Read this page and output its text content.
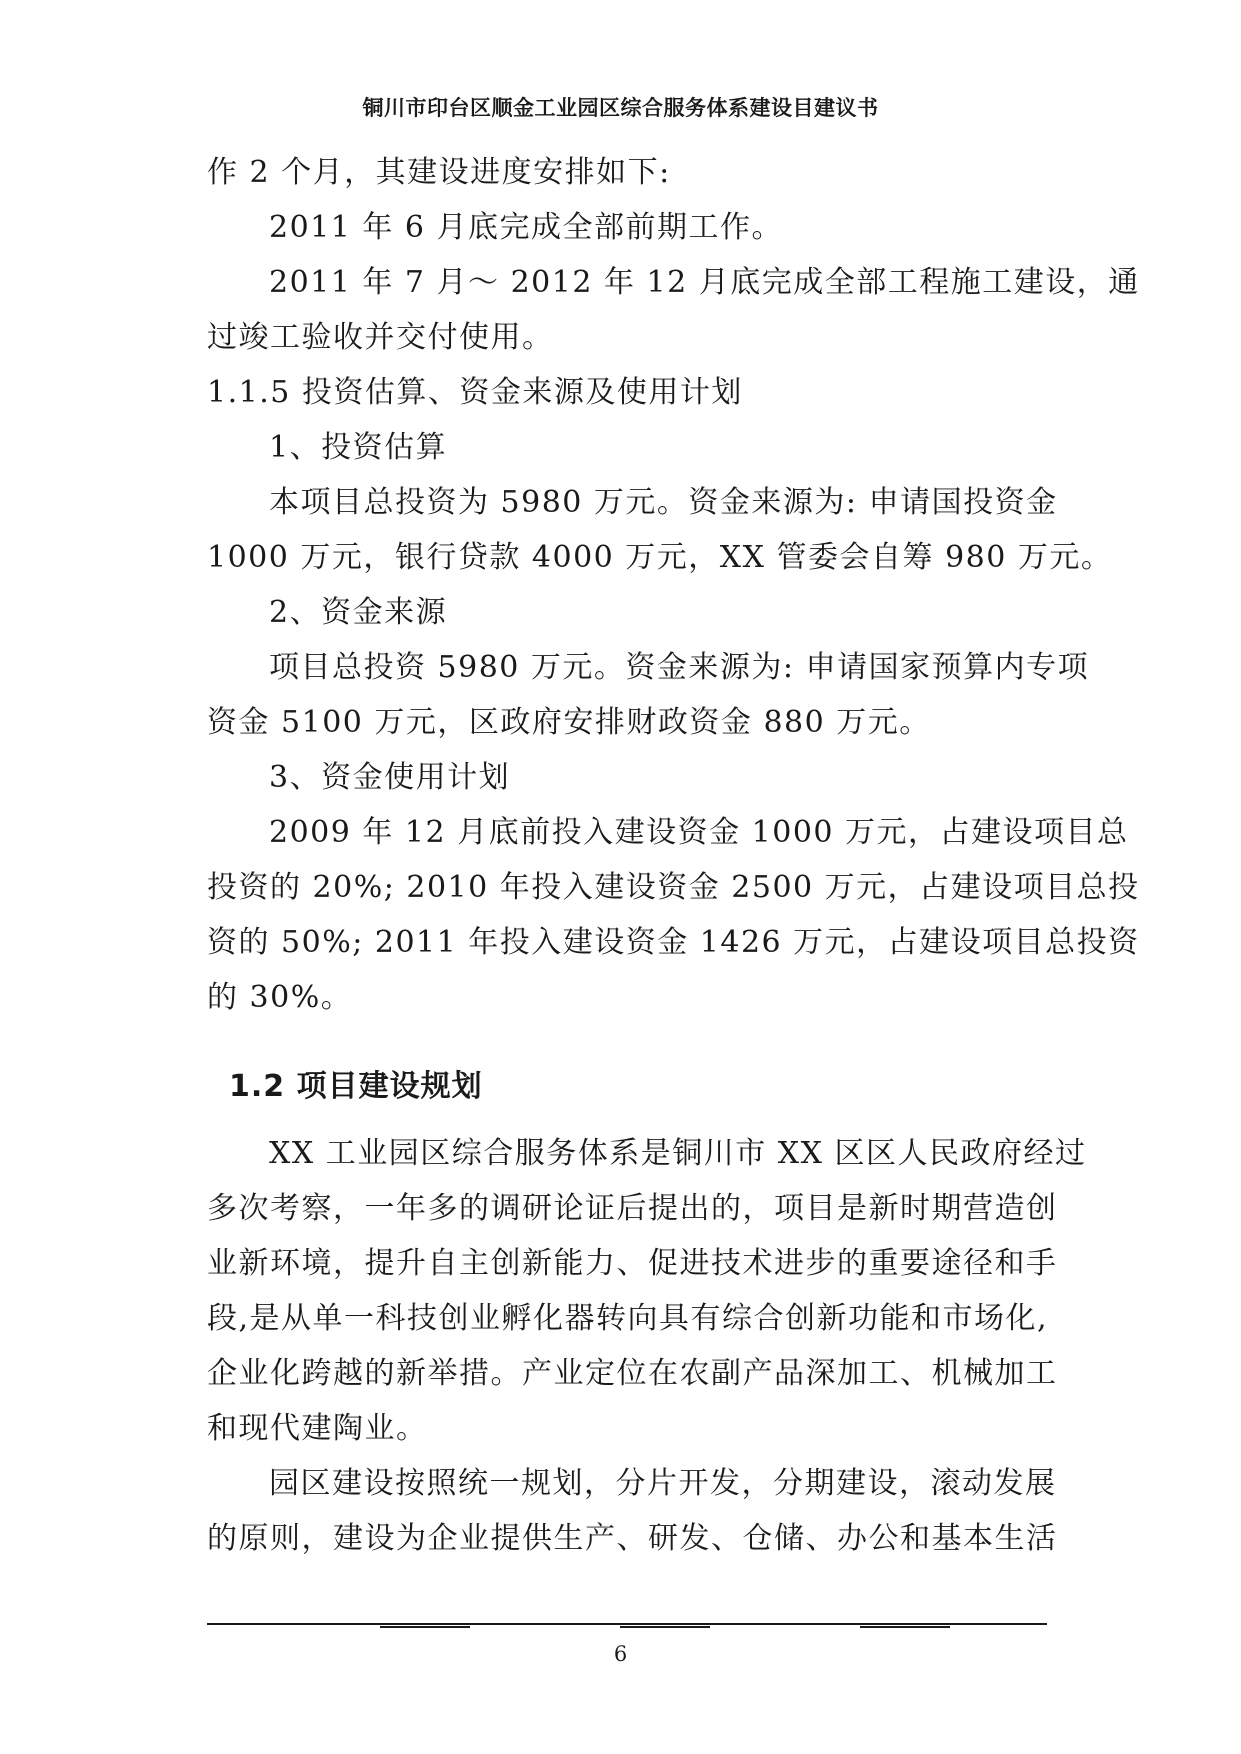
铜川市印台区顺金工业园区综合服务体系建设目建议书
作 2 个月，其建设进度安排如下:
2011 年 6 月底完成全部前期工作。
2011 年 7 月～ 2012 年 12 月底完成全部工程施工建设，通
过竣工验收并交付使用。
1.1.5 投资估算、资金来源及使用计划
1、投资估算
本项目总投资为 5980 万元。资金来源为: 申请国投资金
1000 万元，银行贷款 4000 万元，XX 管委会自筹 980 万元。
2、资金来源
项目总投资 5980 万元。资金来源为: 申请国家预算内专项
资金 5100 万元，区政府安排财政资金 880 万元。
3、资金使用计划
2009 年 12 月底前投入建设资金 1000 万元，占建设项目总
投资的 20%; 2010 年投入建设资金 2500 万元，占建设项目总投
资的 50%; 2011 年投入建设资金 1426 万元，占建设项目总投资
的 30%。
1.2 项目建设规划
XX 工业园区综合服务体系是铜川市 XX 区区人民政府经过
多次考察，一年多的调研论证后提出的，项目是新时期营造创
业新环境，提升自主创新能力、促进技术进步的重要途径和手
段,是从单一科技创业孵化器转向具有综合创新功能和市场化,
企业化跨越的新举措。产业定位在农副产品深加工、机械加工
和现代建陶业。
园区建设按照统一规划，分片开发，分期建设，滚动发展
的原则，建设为企业提供生产、研发、仓储、办公和基本生活
6
